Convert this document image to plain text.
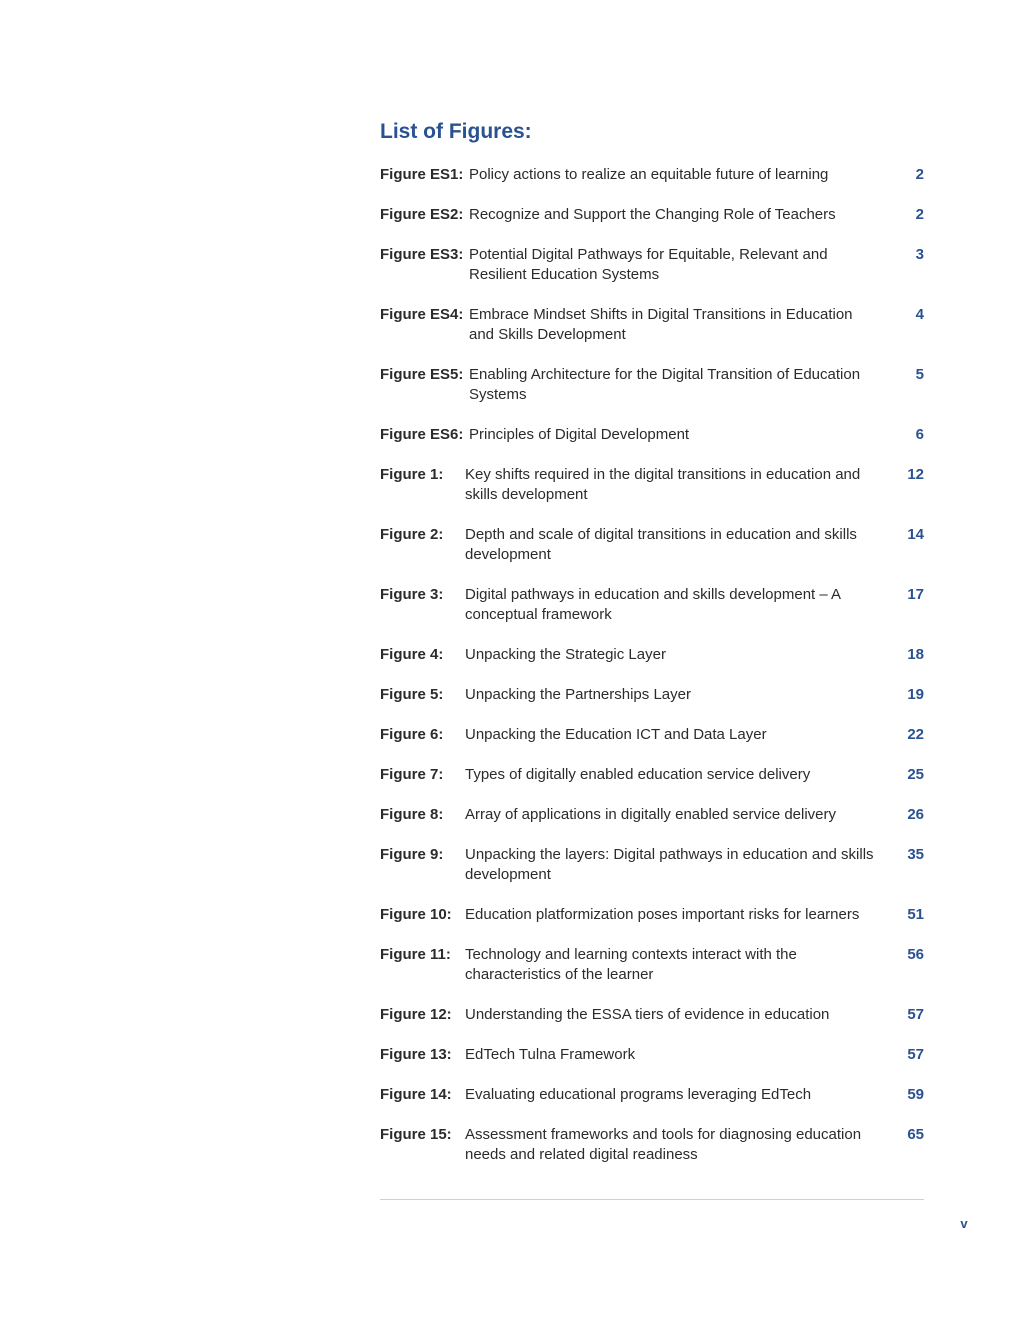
List of Figures:
Figure ES1: Policy actions to realize an equitable future of learning	2
Figure ES2: Recognize and Support the Changing Role of Teachers	2
Figure ES3: Potential Digital Pathways for Equitable, Relevant and Resilient Education Systems
3
Figure ES4: Embrace Mindset Shifts in Digital Transitions in Education and Skills Development
4
Figure ES5: Enabling Architecture for the Digital Transition of Education Systems
5
Figure ES6: Principles of Digital Development	6
Figure 1:	Key shifts required in the digital transitions in education and skills development
12
Figure 2:	Depth and scale of digital transitions in education and skills development
14
Figure 3:	Digital pathways in education and skills development – A conceptual framework
17
Figure 4:	Unpacking the Strategic Layer	18
Figure 5:	Unpacking the Partnerships Layer	19
Figure 6:	Unpacking the Education ICT and Data Layer	22
Figure 7:	Types of digitally enabled education service delivery	25
Figure 8:	Array of applications in digitally enabled service delivery	26
Figure 9:	Unpacking the layers: Digital pathways in education and skills development
35
Figure 10: Education platformization poses important risks for learners	51
Figure 11: Technology and learning contexts interact with the characteristics of the learner
56
Figure 12: Understanding the ESSA tiers of evidence in education	57
Figure 13: EdTech Tulna Framework	57
Figure 14: Evaluating educational programs leveraging EdTech	59
Figure 15: Assessment frameworks and tools for diagnosing education needs and related digital readiness
65
v
